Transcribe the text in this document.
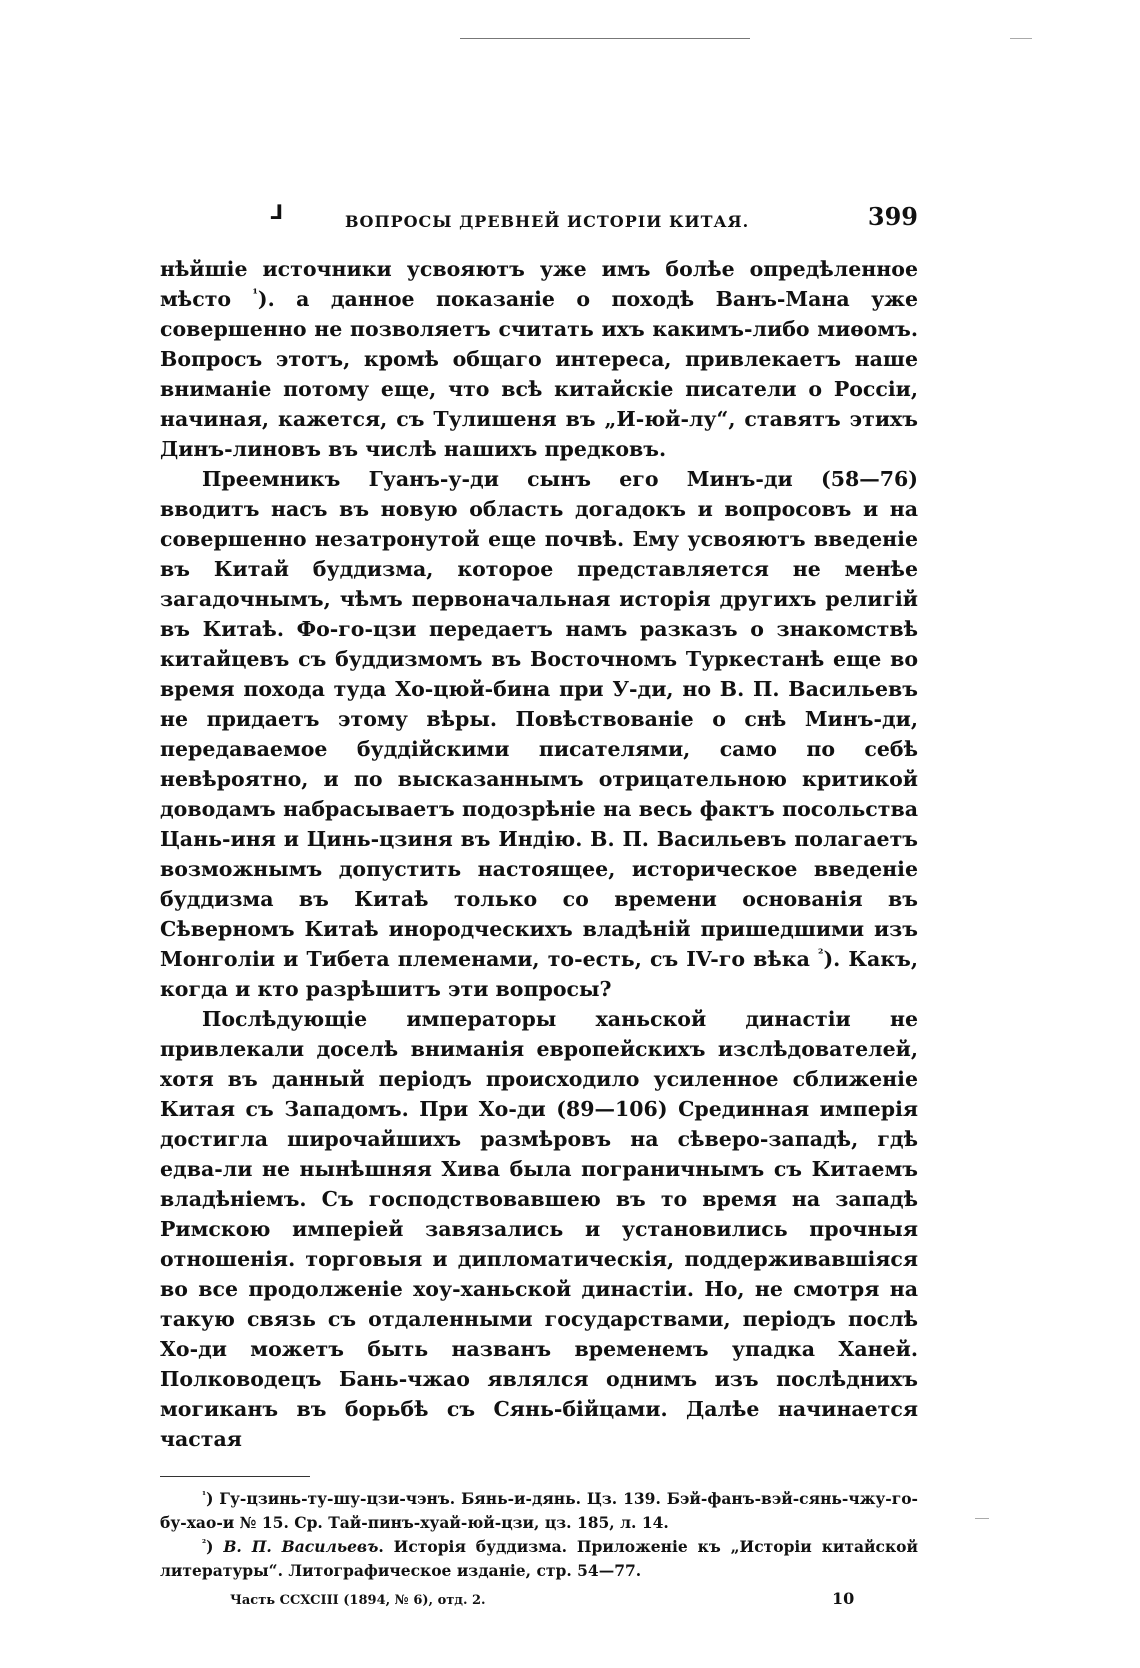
⅃	ВОПРОСЫ ДРЕВНЕЙ ИСТОРІИ КИТАЯ.	399

нѣйшіе источники усвояютъ уже имъ болѣе опредѣленное мѣсто $^{^1}$). а данное показаніе о походѣ Ванъ-Мана уже совершенно не позволяетъ считать ихъ какимъ-либо миѳомъ. Вопросъ этотъ, кромѣ общаго интереса, привлекаетъ наше вниманіе потому еще, что всѣ китайскіе писатели о Россіи, начиная, кажется, съ Тулишеня въ „И-юй-лу“, ставятъ этихъ Динъ-линовъ въ числѣ нашихъ предковъ.

Преемникъ Гуанъ-у-ди сынъ его Минъ-ди (58—76) вводитъ насъ въ новую область догадокъ и вопросовъ и на совершенно незатронутой еще почвѣ. Ему усвояютъ введеніе въ Китай буддизма, которое представляется не менѣе загадочнымъ, чѣмъ первоначальная исторія другихъ религій въ Китаѣ. Фо-го-цзи передаетъ намъ разказъ о знакомствѣ китайцевъ съ буддизмомъ въ Восточномъ Туркестанѣ еще во время похода туда Хо-цюй-бина при У-ди, но В. П. Васильевъ не придаетъ этому вѣры. Повѣствованіе о снѣ Минъ-ди, передаваемое буддійскими писателями, само по себѣ невѣроятно, и по высказаннымъ отрицательною критикой доводамъ набрасываетъ подозрѣніе на весь фактъ посольства Цань-иня и Цинь-цзиня въ Индію. В. П. Васильевъ полагаетъ возможнымъ допустить настоящее, историческое введеніе буддизма въ Китаѣ только со времени основанія въ Сѣверномъ Китаѣ инородческихъ владѣній пришедшими изъ Монголіи и Тибета племенами, то-есть, съ IV-го вѣка $^{^2}$). Какъ, когда и кто разрѣшитъ эти вопросы?

Послѣдующіе императоры ханьской династіи не привлекали доселѣ вниманія европейскихъ изслѣдователей, хотя въ данный періодъ происходило усиленное сближеніе Китая съ Западомъ. При Хо-ди (89—106) Срединная имперія достигла широчайшихъ размѣровъ на сѣверо-западѣ, гдѣ едва-ли не нынѣшняя Хива была пограничнымъ съ Китаемъ владѣніемъ. Съ господствовавшею въ то время на западѣ Римскою имперіей завязались и установились прочныя отношенія. торговыя и дипломатическія, поддерживавшіяся во все продолженіе хоу-ханьской династіи. Но, не смотря на такую связь съ отдаленными государствами, періодъ послѣ Хо-ди можетъ быть названъ временемъ упадка Ханей. Полководецъ Бань-чжао являлся однимъ изъ послѣднихъ могиканъ въ борьбѣ съ Сянь-бійцами. Далѣе начинается частая

$^{^1}$) Гу-цзинь-ту-шу-цзи-чэнъ. Бянь-и-дянь. Цз. 139. Бэй-фанъ-вэй-сянь-чжу-го-бу-хао-и № 15. Ср. Тай-пинъ-хуай-юй-цзи, цз. 185, л. 14.

$^{^2}$) В. П. Васильевъ. Исторія буддизма. Приложеніе къ „Исторіи китайской литературы“. Литографическое изданіе, стр. 54—77.

Часть CCXCIII (1894, № 6), отд. 2.	10
